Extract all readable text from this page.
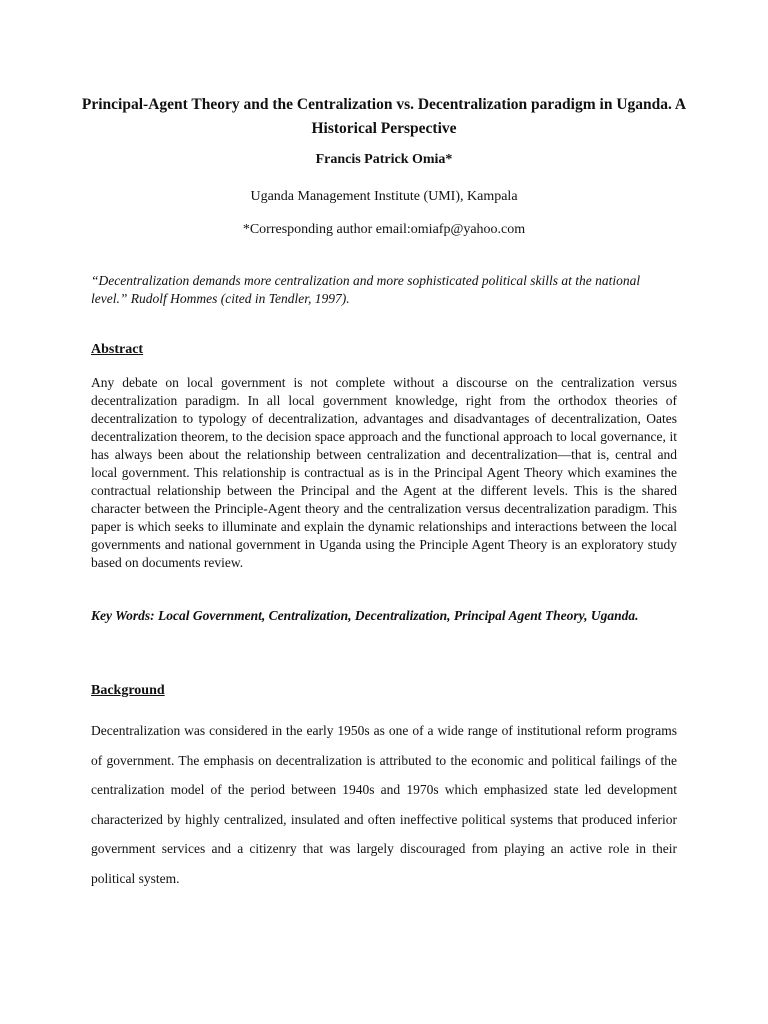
Principal-Agent Theory and the Centralization vs. Decentralization paradigm in Uganda. A Historical Perspective

Francis Patrick Omia*

Uganda Management Institute (UMI), Kampala

*Corresponding author email:omiafp@yahoo.com

“Decentralization demands more centralization and more sophisticated political skills at the national level.” Rudolf Hommes (cited in Tendler, 1997).

Abstract

Any debate on local government is not complete without a discourse on the centralization versus decentralization paradigm. In all local government knowledge, right from the orthodox theories of decentralization to typology of decentralization, advantages and disadvantages of decentralization, Oates decentralization theorem, to the decision space approach and the functional approach to local governance, it has always been about the relationship between centralization and decentralization—that is, central and local government. This relationship is contractual as is in the Principal Agent Theory which examines the contractual relationship between the Principal and the Agent at the different levels. This is the shared character between the Principle-Agent theory and the centralization versus decentralization paradigm. This paper is which seeks to illuminate and explain the dynamic relationships and interactions between the local governments and national government in Uganda using the Principle Agent Theory is an exploratory study based on documents review.

Key Words: Local Government, Centralization, Decentralization, Principal Agent Theory, Uganda.

Background

Decentralization was considered in the early 1950s as one of a wide range of institutional reform programs of government. The emphasis on decentralization is attributed to the economic and political failings of the centralization model of the period between 1940s and 1970s which emphasized state led development characterized by highly centralized, insulated and often ineffective political systems that produced inferior government services and a citizenry that was largely discouraged from playing an active role in their political system.
